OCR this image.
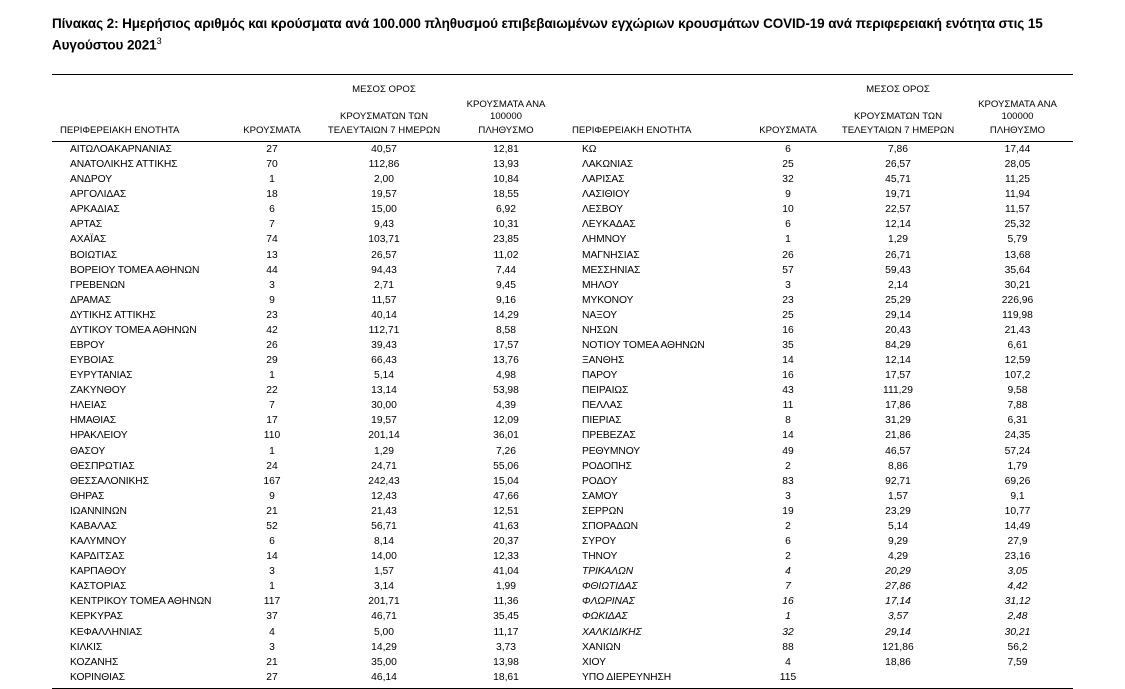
Πίνακας 2: Ημερήσιος αριθμός και κρούσματα ανά 100.000 πληθυσμού επιβεβαιωμένων εγχώριων κρουσμάτων COVID-19 ανά περιφερειακή ενότητα στις 15 Αυγούστου 2021$^3$

		ΜΕΣΟΣ ΟΡΟΣ				ΜΕΣΟΣ ΟΡΟΣ	
		ΚΡΟΥΣΜΑΤΩΝ ΤΩΝ	ΚΡΟΥΣΜΑΤΑ ΑΝΑ 100000			ΚΡΟΥΣΜΑΤΩΝ ΤΩΝ	ΚΡΟΥΣΜΑΤΑ ΑΝΑ 100000
ΠΕΡΙΦΕΡΕΙΑΚΗ ΕΝΟΤΗΤΑ	ΚΡΟΥΣΜΑΤΑ	ΤΕΛΕΥΤΑΙΩΝ 7 ΗΜΕΡΩΝ	ΠΛΗΘΥΣΜΟ	ΠΕΡΙΦΕΡΕΙΑΚΗ ΕΝΟΤΗΤΑ	ΚΡΟΥΣΜΑΤΑ	ΤΕΛΕΥΤΑΙΩΝ 7 ΗΜΕΡΩΝ	ΠΛΗΘΥΣΜΟ

ΑΙΤΩΛΟΑΚΑΡΝΑΝΙΑΣ	27	40,57	12,81	ΚΩ	6	7,86	17,44
ΑΝΑΤΟΛΙΚΗΣ ΑΤΤΙΚΗΣ	70	112,86	13,93	ΛΑΚΩΝΙΑΣ	25	26,57	28,05
ΑΝΔΡΟΥ	1	2,00	10,84	ΛΑΡΙΣΑΣ	32	45,71	11,25
ΑΡΓΟΛΙΔΑΣ	18	19,57	18,55	ΛΑΣΙΘΙΟΥ	9	19,71	11,94
ΑΡΚΑΔΙΑΣ	6	15,00	6,92	ΛΕΣΒΟΥ	10	22,57	11,57
ΑΡΤΑΣ	7	9,43	10,31	ΛΕΥΚΑΔΑΣ	6	12,14	25,32
ΑΧΑΪΑΣ	74	103,71	23,85	ΛΗΜΝΟΥ	1	1,29	5,79
ΒΟΙΩΤΙΑΣ	13	26,57	11,02	ΜΑΓΝΗΣΙΑΣ	26	26,71	13,68
ΒΟΡΕΙΟΥ ΤΟΜΕΑ ΑΘΗΝΩΝ	44	94,43	7,44	ΜΕΣΣΗΝΙΑΣ	57	59,43	35,64
ΓΡΕΒΕΝΩΝ	3	2,71	9,45	ΜΗΛΟΥ	3	2,14	30,21
ΔΡΑΜΑΣ	9	11,57	9,16	ΜΥΚΟΝΟΥ	23	25,29	226,96
ΔΥΤΙΚΗΣ ΑΤΤΙΚΗΣ	23	40,14	14,29	ΝΑΞΟΥ	25	29,14	119,98
ΔΥΤΙΚΟΥ ΤΟΜΕΑ ΑΘΗΝΩΝ	42	112,71	8,58	ΝΗΣΩΝ	16	20,43	21,43
ΕΒΡΟΥ	26	39,43	17,57	ΝΟΤΙΟΥ ΤΟΜΕΑ ΑΘΗΝΩΝ	35	84,29	6,61
ΕΥΒΟΙΑΣ	29	66,43	13,76	ΞΑΝΘΗΣ	14	12,14	12,59
ΕΥΡΥΤΑΝΙΑΣ	1	5,14	4,98	ΠΑΡΟΥ	16	17,57	107,2
ΖΑΚΥΝΘΟΥ	22	13,14	53,98	ΠΕΙΡΑΙΩΣ	43	111,29	9,58
ΗΛΕΙΑΣ	7	30,00	4,39	ΠΕΛΛΑΣ	11	17,86	7,88
ΗΜΑΘΙΑΣ	17	19,57	12,09	ΠΙΕΡΙΑΣ	8	31,29	6,31
ΗΡΑΚΛΕΙΟΥ	110	201,14	36,01	ΠΡΕΒΕΖΑΣ	14	21,86	24,35
ΘΑΣΟΥ	1	1,29	7,26	ΡΕΘΥΜΝΟΥ	49	46,57	57,24
ΘΕΣΠΡΩΤΙΑΣ	24	24,71	55,06	ΡΟΔΟΠΗΣ	2	8,86	1,79
ΘΕΣΣΑΛΟΝΙΚΗΣ	167	242,43	15,04	ΡΟΔΟΥ	83	92,71	69,26
ΘΗΡΑΣ	9	12,43	47,66	ΣΑΜΟΥ	3	1,57	9,1
ΙΩΑΝΝΙΝΩΝ	21	21,43	12,51	ΣΕΡΡΩΝ	19	23,29	10,77
ΚΑΒΑΛΑΣ	52	56,71	41,63	ΣΠΟΡΑΔΩΝ	2	5,14	14,49
ΚΑΛΥΜΝΟΥ	6	8,14	20,37	ΣΥΡΟΥ	6	9,29	27,9
ΚΑΡΔΙΤΣΑΣ	14	14,00	12,33	ΤΗΝΟΥ	2	4,29	23,16
ΚΑΡΠΑΘΟΥ	3	1,57	41,04	ΤΡΙΚΑΛΩΝ	4	20,29	3,05
ΚΑΣΤΟΡΙΑΣ	1	3,14	1,99	ΦΘΙΩΤΙΔΑΣ	7	27,86	4,42
ΚΕΝΤΡΙΚΟΥ ΤΟΜΕΑ ΑΘΗΝΩΝ	117	201,71	11,36	ΦΛΩΡΙΝΑΣ	16	17,14	31,12
ΚΕΡΚΥΡΑΣ	37	46,71	35,45	ΦΩΚΙΔΑΣ	1	3,57	2,48
ΚΕΦΑΛΛΗΝΙΑΣ	4	5,00	11,17	ΧΑΛΚΙΔΙΚΗΣ	32	29,14	30,21
ΚΙΛΚΙΣ	3	14,29	3,73	ΧΑΝΙΩΝ	88	121,86	56,2
ΚΟΖΑΝΗΣ	21	35,00	13,98	ΧΙΟΥ	4	18,86	7,59
ΚΟΡΙΝΘΙΑΣ	27	46,14	18,61	ΥΠΟ ΔΙΕΡΕΥΝΗΣΗ	115		
